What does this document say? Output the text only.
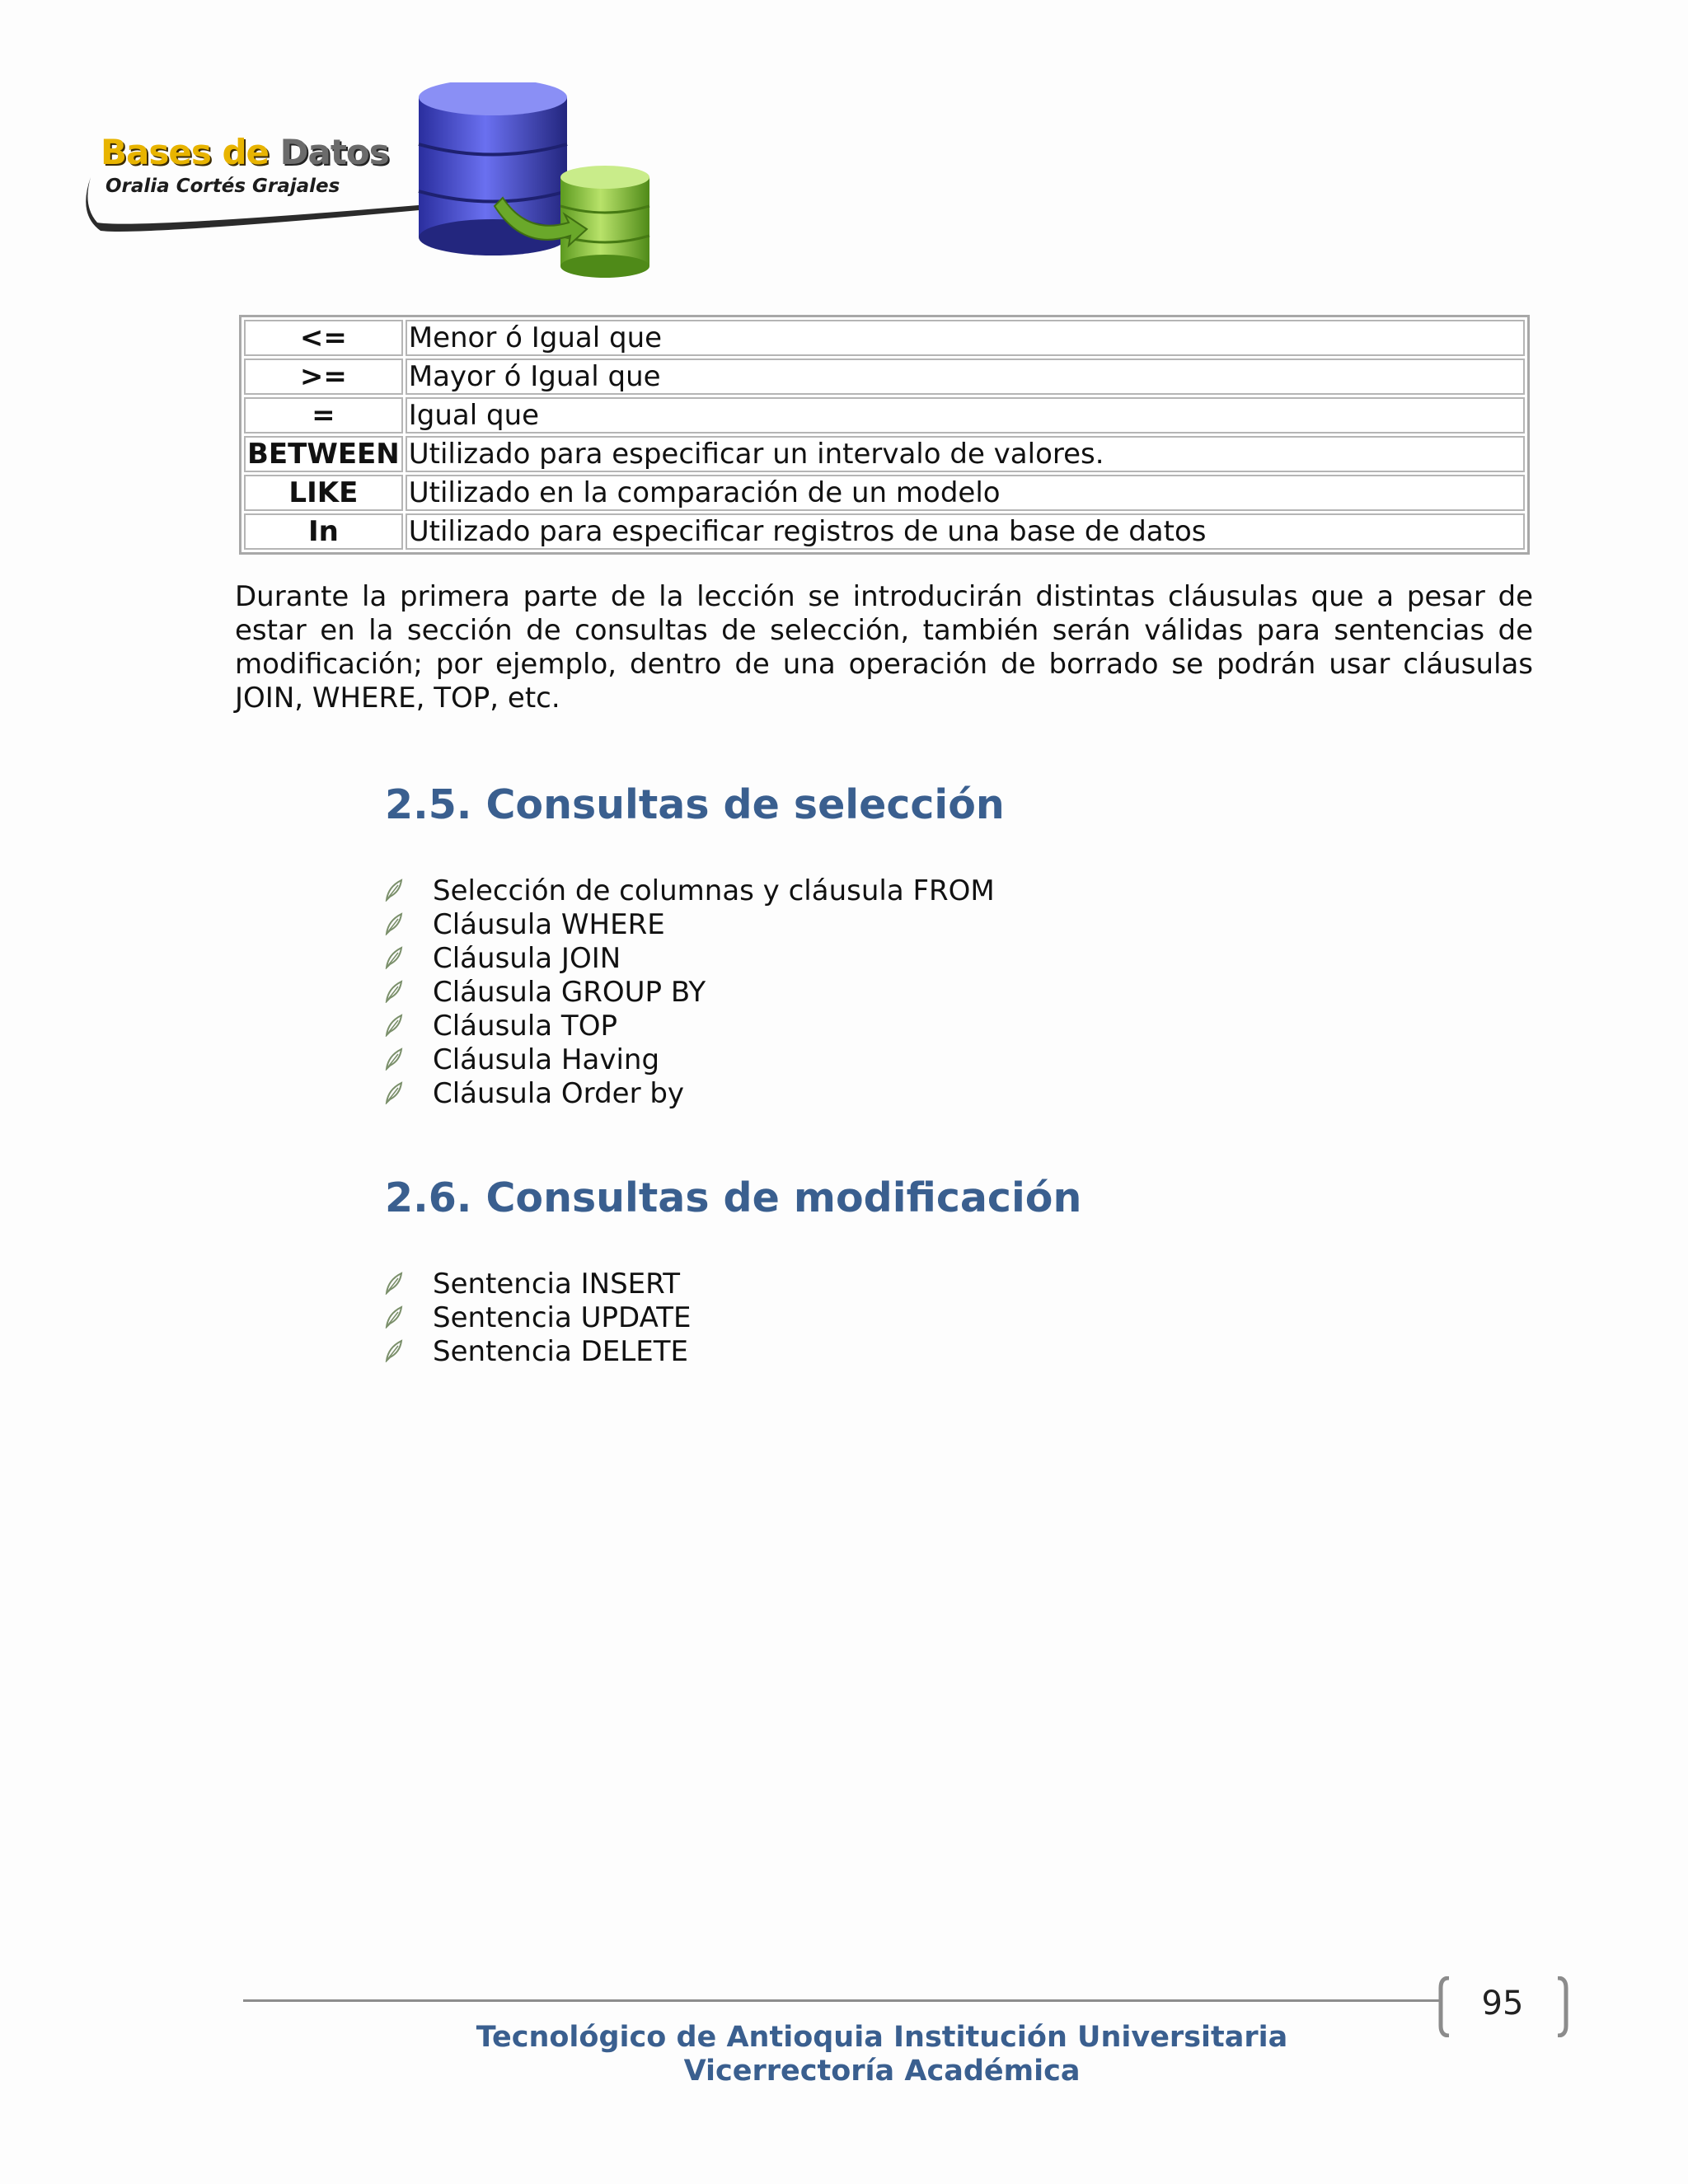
Bases de Datos
Oralia Cortés Grajales
<=	Menor ó Igual que
>=	Mayor ó Igual que
=	Igual que
BETWEEN	Utilizado para especificar un intervalo de valores.
LIKE	Utilizado en la comparación de un modelo
In	Utilizado para especificar registros de una base de datos

Durante la primera parte de la lección se introducirán distintas cláusulas que a pesar de estar en la sección de consultas de selección, también serán válidas para sentencias de modificación; por ejemplo, dentro de una operación de borrado se podrán usar cláusulas JOIN, WHERE, TOP, etc.

2.5. Consultas de selección
Selección de columnas y cláusula FROM
Cláusula WHERE
Cláusula JOIN
Cláusula GROUP BY
Cláusula TOP
Cláusula Having
Cláusula Order by
2.6. Consultas de modificación
Sentencia INSERT
Sentencia UPDATE
Sentencia DELETE
95
Tecnológico de Antioquia Institución Universitaria
Vicerrectoría Académica
